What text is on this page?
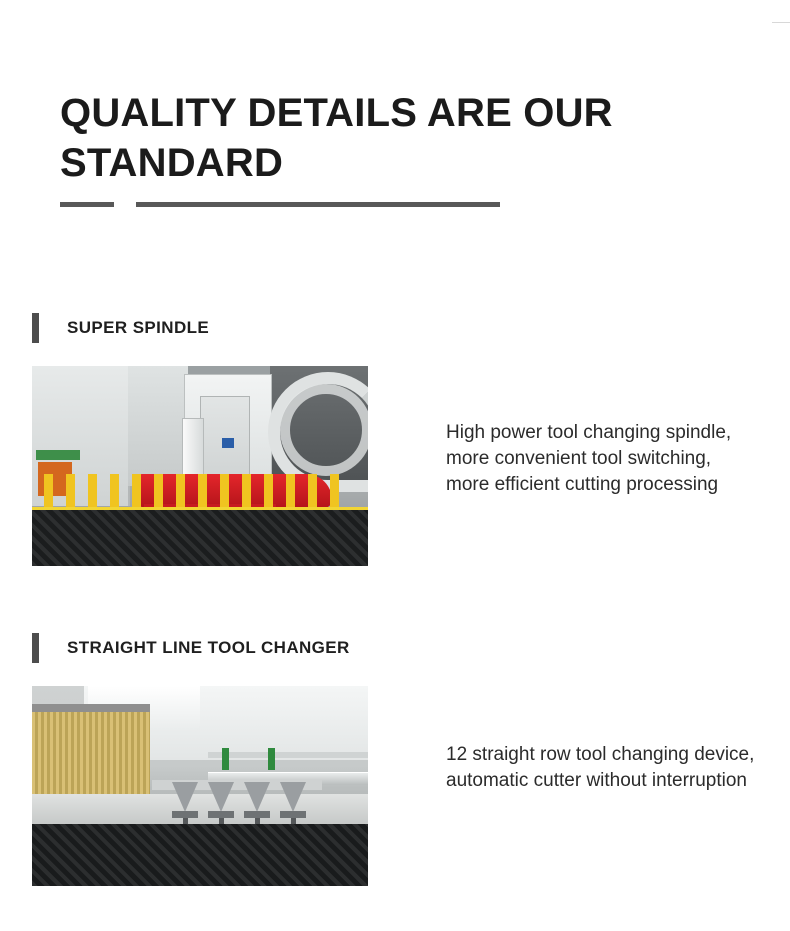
QUALITY DETAILS ARE OUR STANDARD
SUPER SPINDLE
High power tool changing spindle, more convenient tool switching, more efficient cutting processing
STRAIGHT LINE TOOL CHANGER
12 straight row tool changing device, automatic cutter without interruption
